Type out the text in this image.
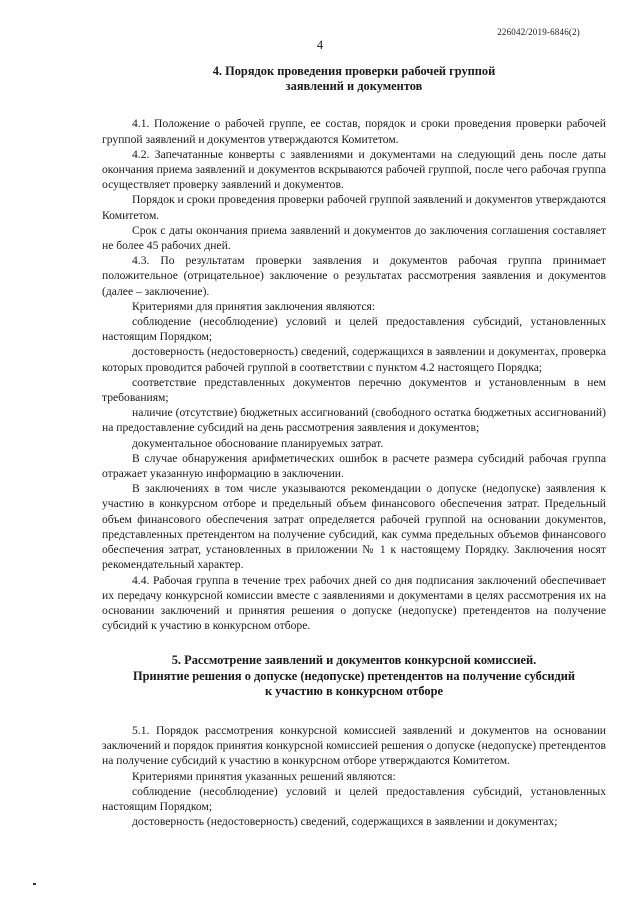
226042/2019-6846(2)
4
4. Порядок проведения проверки рабочей группой
заявлений и документов

4.1. Положение о рабочей группе, ее состав, порядок и сроки проведения проверки рабочей группой заявлений и документов утверждаются Комитетом.

4.2. Запечатанные конверты с заявлениями и документами на следующий день после даты окончания приема заявлений и документов вскрываются рабочей группой, после чего рабочая группа осуществляет проверку заявлений и документов.

Порядок и сроки проведения проверки рабочей группой заявлений и документов утверждаются Комитетом.

Срок с даты окончания приема заявлений и документов до заключения соглашения составляет не более 45 рабочих дней.

4.3. По результатам проверки заявления и документов рабочая группа принимает положительное (отрицательное) заключение о результатах рассмотрения заявления и документов (далее – заключение).

Критериями для принятия заключения являются:

соблюдение (несоблюдение) условий и целей предоставления субсидий, установленных настоящим Порядком;

достоверность (недостоверность) сведений, содержащихся в заявлении и документах, проверка которых проводится рабочей группой в соответствии с пунктом 4.2 настоящего Порядка;

соответствие представленных документов перечню документов и установленным в нем требованиям;

наличие (отсутствие) бюджетных ассигнований (свободного остатка бюджетных ассигнований) на предоставление субсидий на день рассмотрения заявления и документов;

документальное обоснование планируемых затрат.

В случае обнаружения арифметических ошибок в расчете размера субсидий рабочая группа отражает указанную информацию в заключении.

В заключениях в том числе указываются рекомендации о допуске (недопуске) заявления к участию в конкурсном отборе и предельный объем финансового обеспечения затрат. Предельный объем финансового обеспечения затрат определяется рабочей группой на основании документов, представленных претендентом на получение субсидий, как сумма предельных объемов финансового обеспечения затрат, установленных в приложении № 1 к настоящему Порядку. Заключения носят рекомендательный характер.

4.4. Рабочая группа в течение трех рабочих дней со дня подписания заключений обеспечивает их передачу конкурсной комиссии вместе с заявлениями и документами в целях рассмотрения их на основании заключений и принятия решения о допуске (недопуске) претендентов на получение субсидий к участию в конкурсном отборе.

5. Рассмотрение заявлений и документов конкурсной комиссией.
Принятие решения о допуске (недопуске) претендентов на получение субсидий
к участию в конкурсном отборе

5.1. Порядок рассмотрения конкурсной комиссией заявлений и документов на основании заключений и порядок принятия конкурсной комиссией решения о допуске (недопуске) претендентов на получение субсидий к участию в конкурсном отборе утверждаются Комитетом.

Критериями принятия указанных решений являются:

соблюдение (несоблюдение) условий и целей предоставления субсидий, установленных настоящим Порядком;

достоверность (недостоверность) сведений, содержащихся в заявлении и документах;
